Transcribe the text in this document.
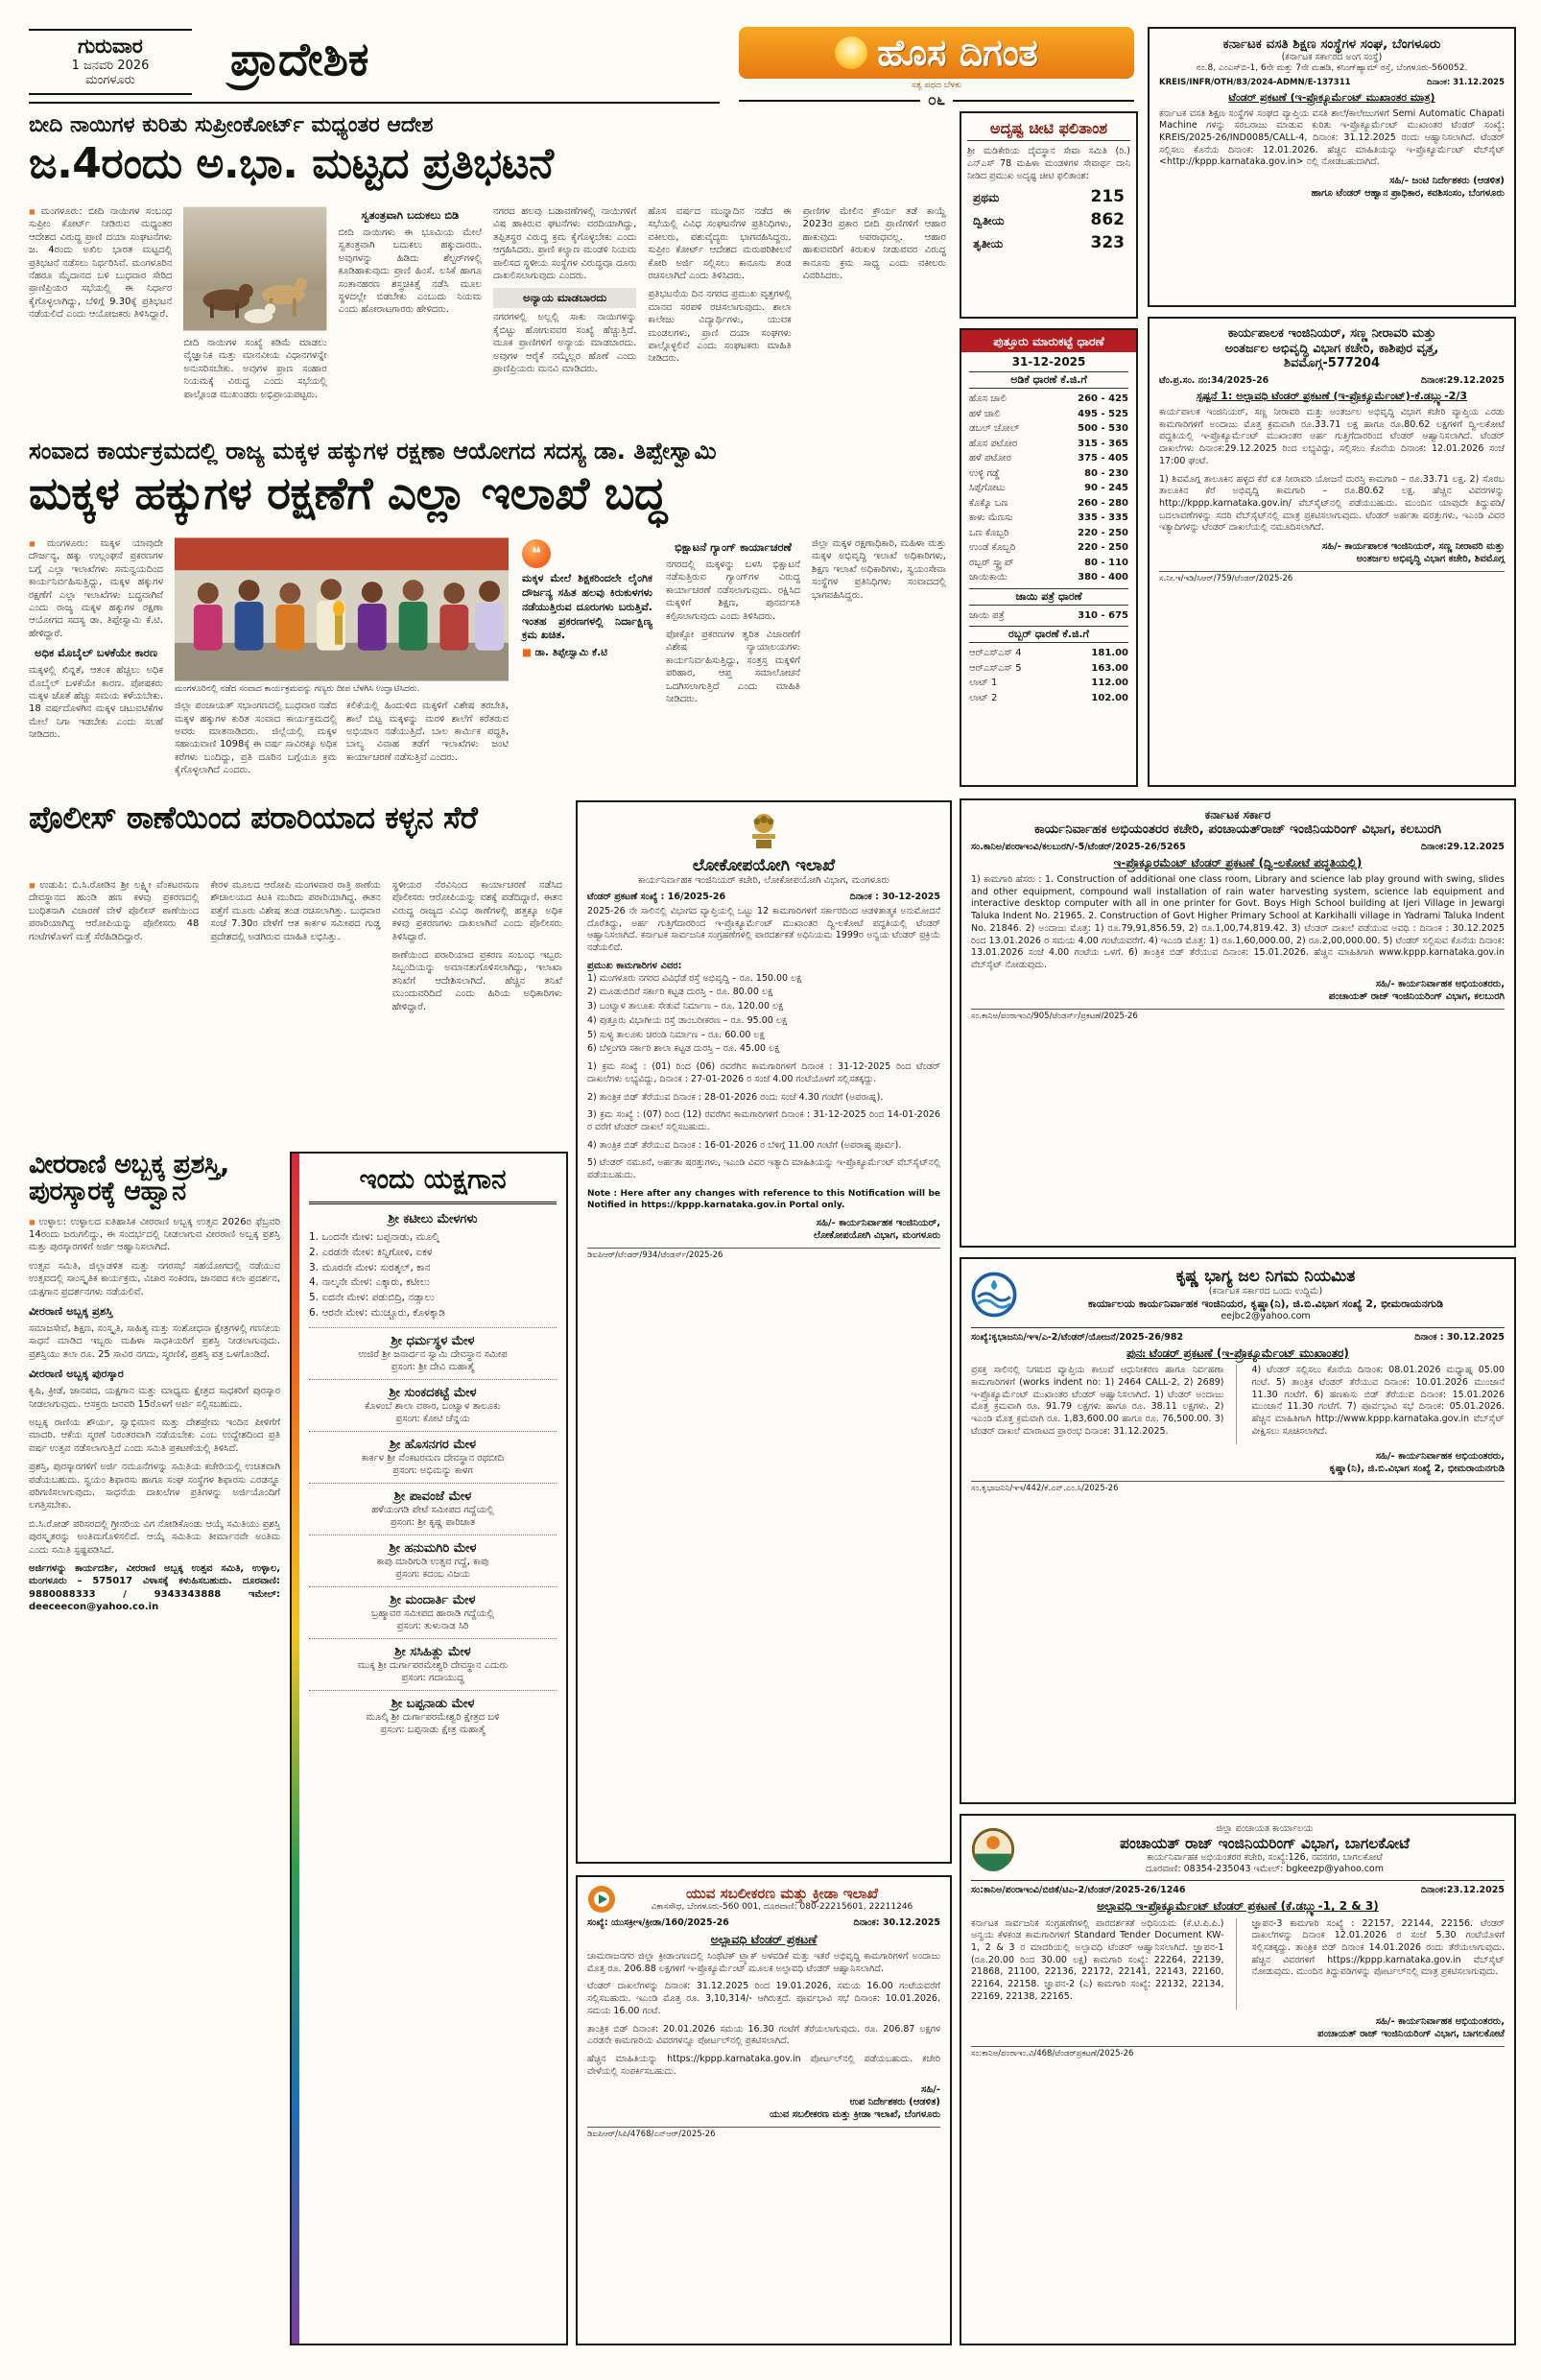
ಗುರುವಾರ
1 ಜನವರಿ 2026
ಮಂಗಳೂರು	ಪ್ರಾದೇಶಿಕ	ಹೊಸ ದಿಗಂತ
ಸತ್ಯ ಪಥದ ಬೆಳಕು
೦೬
ಬೀದಿ ನಾಯಿಗಳ ಕುರಿತು ಸುಪ್ರೀಂಕೋರ್ಟ್ ಮಧ್ಯಂತರ ಆದೇಶ
ಜ.4ರಂದು ಅ.ಭಾ. ಮಟ್ಟದ ಪ್ರತಿಭಟನೆ

◼ ಮಂಗಳೂರು: ಬೀದಿ ನಾಯಿಗಳ ಸಂಬಂಧ ಸುಪ್ರೀಂ ಕೋರ್ಟ್ ನೀಡಿರುವ ಮಧ್ಯಂತರ ಆದೇಶದ ವಿರುದ್ಧ ಪ್ರಾಣಿ ದಯಾ ಸಂಘಟನೆಗಳು ಜ. 4ರಂದು ಅಖಿಲ ಭಾರತ ಮಟ್ಟದಲ್ಲಿ ಪ್ರತಿಭಟನೆ ನಡೆಸಲು ನಿರ್ಧರಿಸಿವೆ. ಮಂಗಳೂರಿನ ನೆಹರೂ ಮೈದಾನದ ಬಳಿ ಬುಧವಾರ ಸೇರಿದ ಪ್ರಾಣಿಪ್ರಿಯರ ಸಭೆಯಲ್ಲಿ ಈ ನಿರ್ಧಾರ ಕೈಗೊಳ್ಳಲಾಗಿದ್ದು, ಬೆಳಿಗ್ಗೆ 9.30ಕ್ಕೆ ಪ್ರತಿಭಟನೆ ನಡೆಯಲಿದೆ ಎಂದು ಆಯೋಜಕರು ತಿಳಿಸಿದ್ದಾರೆ.

ಬೀದಿ ನಾಯಿಗಳ ಸಂಖ್ಯೆ ಕಡಿಮೆ ಮಾಡಲು ವೈಜ್ಞಾನಿಕ ಮತ್ತು ಮಾನವೀಯ ವಿಧಾನಗಳನ್ನೇ ಅನುಸರಿಸಬೇಕು. ಅವುಗಳ ಪ್ರಾಣ ಸಂಹಾರ ನಿಯಮಕ್ಕೆ ವಿರುದ್ಧ ಎಂದು ಸಭೆಯಲ್ಲಿ ಪಾಲ್ಗೊಂಡ ಮುಖಂಡರು ಅಭಿಪ್ರಾಯಪಟ್ಟರು.

ಸ್ವತಂತ್ರವಾಗಿ ಬದುಕಲು ಬಿಡಿ

ಬೀದಿ ನಾಯಿಗಳು ಈ ಭೂಮಿಯ ಮೇಲೆ ಸ್ವತಂತ್ರವಾಗಿ ಬದುಕಲು ಹಕ್ಕುದಾರರು. ಅವುಗಳನ್ನು ಹಿಡಿದು ಶೆಲ್ಟರ್‌ಗಳಲ್ಲಿ ಕೂಡಿಹಾಕುವುದು ಪ್ರಾಣಿ ಹಿಂಸೆ. ಲಸಿಕೆ ಹಾಗೂ ಸಂತಾನಹರಣ ಶಸ್ತ್ರಚಿಕಿತ್ಸೆ ನಡೆಸಿ ಮೂಲ ಸ್ಥಳದಲ್ಲೇ ಬಿಡಬೇಕು ಎಂಬುದು ನಿಯಮ ಎಂದು ಹೋರಾಟಗಾರರು ಹೇಳಿದರು.

ನಗರದ ಹಲವು ಬಡಾವಣೆಗಳಲ್ಲಿ ನಾಯಿಗಳಿಗೆ ವಿಷ ಹಾಕಿರುವ ಘಟನೆಗಳು ವರದಿಯಾಗಿದ್ದು, ತಪ್ಪಿತಸ್ಥರ ವಿರುದ್ಧ ಕ್ರಮ ಕೈಗೊಳ್ಳಬೇಕು ಎಂದು ಆಗ್ರಹಿಸಿದರು. ಪ್ರಾಣಿ ಕಲ್ಯಾಣ ಮಂಡಳಿ ನಿಯಮ ಪಾಲಿಸದ ಸ್ಥಳೀಯ ಸಂಸ್ಥೆಗಳ ವಿರುದ್ಧವೂ ದೂರು ದಾಖಲಿಸಲಾಗುವುದು ಎಂದರು.

ಅನ್ಯಾಯ ಮಾಡಬಾರದು

ನಗರಗಳಲ್ಲಿ ಅಲ್ಲಲ್ಲಿ ಸಾಕು ನಾಯಿಗಳನ್ನು ಕೈಬಿಟ್ಟು ಹೋಗುವವರ ಸಂಖ್ಯೆ ಹೆಚ್ಚುತ್ತಿದೆ. ಮೂಕ ಪ್ರಾಣಿಗಳಿಗೆ ಅನ್ಯಾಯ ಮಾಡಬಾರದು. ಅವುಗಳ ಆರೈಕೆ ನಮ್ಮೆಲ್ಲರ ಹೊಣೆ ಎಂದು ಪ್ರಾಣಿಪ್ರಿಯರು ಮನವಿ ಮಾಡಿದರು.

ಹೊಸ ವರ್ಷದ ಮುನ್ನಾದಿನ ನಡೆದ ಈ ಸಭೆಯಲ್ಲಿ ವಿವಿಧ ಸಂಘಟನೆಗಳ ಪ್ರತಿನಿಧಿಗಳು, ವಕೀಲರು, ಪಶುವೈದ್ಯರು ಭಾಗವಹಿಸಿದ್ದರು. ಸುಪ್ರೀಂ ಕೋರ್ಟ್ ಆದೇಶದ ಮರುಪರಿಶೀಲನೆ ಕೋರಿ ಅರ್ಜಿ ಸಲ್ಲಿಸಲು ಕಾನೂನು ತಂಡ ರಚಿಸಲಾಗಿದೆ ಎಂದು ತಿಳಿಸಿದರು.

ಪ್ರತಿಭಟನೆಯ ದಿನ ನಗರದ ಪ್ರಮುಖ ವೃತ್ತಗಳಲ್ಲಿ ಮಾನವ ಸರಪಳಿ ರಚಿಸಲಾಗುವುದು. ಶಾಲಾ ಕಾಲೇಜು ವಿದ್ಯಾರ್ಥಿಗಳು, ಯುವಕ ಮಂಡಲಗಳು, ಪ್ರಾಣಿ ದಯಾ ಸಂಘಗಳು ಪಾಲ್ಗೊಳ್ಳಲಿವೆ ಎಂದು ಸಂಘಟಕರು ಮಾಹಿತಿ ನೀಡಿದರು.

ಪ್ರಾಣಿಗಳ ಮೇಲಿನ ಕ್ರೌರ್ಯ ತಡೆ ಕಾಯ್ದೆ 2023ರ ಪ್ರಕಾರ ಬೀದಿ ಪ್ರಾಣಿಗಳಿಗೆ ಆಹಾರ ಹಾಕುವುದು ಅಪರಾಧವಲ್ಲ. ಆಹಾರ ಹಾಕುವವರಿಗೆ ಕಿರುಕುಳ ನೀಡುವವರ ವಿರುದ್ಧ ಕಾನೂನು ಕ್ರಮ ಸಾಧ್ಯ ಎಂದು ವಕೀಲರು ವಿವರಿಸಿದರು.

ಸಂವಾದ ಕಾರ್ಯಕ್ರಮದಲ್ಲಿ ರಾಜ್ಯ ಮಕ್ಕಳ ಹಕ್ಕುಗಳ ರಕ್ಷಣಾ ಆಯೋಗದ ಸದಸ್ಯ ಡಾ. ತಿಪ್ಪೇಸ್ವಾಮಿ
ಮಕ್ಕಳ ಹಕ್ಕುಗಳ ರಕ್ಷಣೆಗೆ ಎಲ್ಲಾ ಇಲಾಖೆ ಬದ್ಧ

◼ ಮಂಗಳೂರು: ಮಕ್ಕಳ ಯಾವುದೇ ದೌರ್ಜನ್ಯ, ಹಕ್ಕು ಉಲ್ಲಂಘನೆ ಪ್ರಕರಣಗಳ ಬಗ್ಗೆ ಎಲ್ಲಾ ಇಲಾಖೆಗಳು ಸಮನ್ವಯದಿಂದ ಕಾರ್ಯನಿರ್ವಹಿಸುತ್ತಿದ್ದು, ಮಕ್ಕಳ ಹಕ್ಕುಗಳ ರಕ್ಷಣೆಗೆ ಎಲ್ಲಾ ಇಲಾಖೆಗಳು ಬದ್ಧವಾಗಿವೆ ಎಂದು ರಾಜ್ಯ ಮಕ್ಕಳ ಹಕ್ಕುಗಳ ರಕ್ಷಣಾ ಆಯೋಗದ ಸದಸ್ಯ ಡಾ. ತಿಪ್ಪೇಸ್ವಾಮಿ ಕೆ.ಟಿ. ಹೇಳಿದ್ದಾರೆ.

ಅಧಿಕ ಮೊಬೈಲ್ ಬಳಕೆಯೇ ಕಾರಣ

ಮಕ್ಕಳಲ್ಲಿ ಖಿನ್ನತೆ, ಆತಂಕ ಹೆಚ್ಚಲು ಅಧಿಕ ಮೊಬೈಲ್ ಬಳಕೆಯೇ ಕಾರಣ. ಪೋಷಕರು ಮಕ್ಕಳ ಜೊತೆ ಹೆಚ್ಚು ಸಮಯ ಕಳೆಯಬೇಕು. 18 ವರ್ಷದೊಳಗಿನ ಮಕ್ಕಳ ಚಟುವಟಿಕೆಗಳ ಮೇಲೆ ನಿಗಾ ಇಡಬೇಕು ಎಂದು ಸಲಹೆ ನೀಡಿದರು.

ಮಂಗಳೂರಿನಲ್ಲಿ ನಡೆದ ಸಂವಾದ ಕಾರ್ಯಕ್ರಮವನ್ನು ಗಣ್ಯರು ದೀಪ ಬೆಳಗಿಸಿ ಉದ್ಘಾಟಿಸಿದರು.

ಜಿಲ್ಲಾ ಪಂಚಾಯತ್ ಸಭಾಂಗಣದಲ್ಲಿ ಬುಧವಾರ ನಡೆದ ಮಕ್ಕಳ ಹಕ್ಕುಗಳ ಕುರಿತ ಸಂವಾದ ಕಾರ್ಯಕ್ರಮದಲ್ಲಿ ಅವರು ಮಾತನಾಡಿದರು. ಜಿಲ್ಲೆಯಲ್ಲಿ ಮಕ್ಕಳ ಸಹಾಯವಾಣಿ 1098ಕ್ಕೆ ಈ ವರ್ಷ ಸಾವಿರಕ್ಕೂ ಅಧಿಕ ಕರೆಗಳು ಬಂದಿದ್ದು, ಪ್ರತಿ ದೂರಿನ ಬಗ್ಗೆಯೂ ಕ್ರಮ ಕೈಗೊಳ್ಳಲಾಗಿದೆ ಎಂದರು.

ಕಲಿಕೆಯಲ್ಲಿ ಹಿಂದುಳಿದ ಮಕ್ಕಳಿಗೆ ವಿಶೇಷ ತರಬೇತಿ, ಶಾಲೆ ಬಿಟ್ಟ ಮಕ್ಕಳನ್ನು ಮರಳಿ ಶಾಲೆಗೆ ಕರೆತರುವ ಅಭಿಯಾನ ನಡೆಯುತ್ತಿದೆ. ಬಾಲ ಕಾರ್ಮಿಕ ಪದ್ಧತಿ, ಬಾಲ್ಯ ವಿವಾಹ ತಡೆಗೆ ಇಲಾಖೆಗಳು ಜಂಟಿ ಕಾರ್ಯಾಚರಣೆ ನಡೆಸುತ್ತಿವೆ ಎಂದರು.

❝
ಮಕ್ಕಳ ಮೇಲೆ ಶಿಕ್ಷಕರಿಂದಲೇ ಲೈಂಗಿಕ ದೌರ್ಜನ್ಯ ಸಹಿತ ಹಲವು ಕಿರುಕುಳಗಳು ನಡೆಯುತ್ತಿರುವ ದೂರುಗಳು ಬರುತ್ತಿವೆ. ಇಂತಹ ಪ್ರಕರಣಗಳಲ್ಲಿ ನಿರ್ದಾಕ್ಷಿಣ್ಯ ಕ್ರಮ ಖಚಿತ.
■ ಡಾ. ತಿಪ್ಪೇಸ್ವಾಮಿ ಕೆ.ಟಿ
ಭಿಕ್ಷಾಟನೆ ಗ್ಯಾಂಗ್ ಕಾರ್ಯಾಚರಣೆ

ನಗರದಲ್ಲಿ ಮಕ್ಕಳನ್ನು ಬಳಸಿ ಭಿಕ್ಷಾಟನೆ ನಡೆಸುತ್ತಿರುವ ಗ್ಯಾಂಗ್‌ಗಳ ವಿರುದ್ಧ ಕಾರ್ಯಾಚರಣೆ ನಡೆಸಲಾಗುವುದು. ರಕ್ಷಿಸಿದ ಮಕ್ಕಳಿಗೆ ಶಿಕ್ಷಣ, ಪುನರ್ವಸತಿ ಕಲ್ಪಿಸಲಾಗುವುದು ಎಂದು ತಿಳಿಸಿದರು.

ಪೋಕ್ಸೋ ಪ್ರಕರಣಗಳ ತ್ವರಿತ ವಿಚಾರಣೆಗೆ ವಿಶೇಷ ನ್ಯಾಯಾಲಯಗಳು ಕಾರ್ಯನಿರ್ವಹಿಸುತ್ತಿದ್ದು, ಸಂತ್ರಸ್ತ ಮಕ್ಕಳಿಗೆ ಪರಿಹಾರ, ಆಪ್ತ ಸಮಾಲೋಚನೆ ಒದಗಿಸಲಾಗುತ್ತಿದೆ ಎಂದು ಮಾಹಿತಿ ನೀಡಿದರು.

ಜಿಲ್ಲಾ ಮಕ್ಕಳ ರಕ್ಷಣಾಧಿಕಾರಿ, ಮಹಿಳಾ ಮತ್ತು ಮಕ್ಕಳ ಅಭಿವೃದ್ಧಿ ಇಲಾಖೆ ಅಧಿಕಾರಿಗಳು, ಶಿಕ್ಷಣ ಇಲಾಖೆ ಅಧಿಕಾರಿಗಳು, ಸ್ವಯಂಸೇವಾ ಸಂಸ್ಥೆಗಳ ಪ್ರತಿನಿಧಿಗಳು ಸಂವಾದದಲ್ಲಿ ಭಾಗವಹಿಸಿದ್ದರು.

ಪೊಲೀಸ್ ಠಾಣೆಯಿಂದ ಪರಾರಿಯಾದ ಕಳ್ಳನ ಸೆರೆ

◼ ಉಡುಪಿ: ಬಿ.ಸಿ.ರೋಡಿನ ಶ್ರೀ ಲಕ್ಷ್ಮೀ ವೆಂಕಟರಮಣ ದೇವಸ್ಥಾನದ ಹುಂಡಿ ಹಣ ಕಳವು ಪ್ರಕರಣದಲ್ಲಿ ಬಂಧಿತನಾಗಿ ವಿಚಾರಣೆ ವೇಳೆ ಪೊಲೀಸ್ ಠಾಣೆಯಿಂದ ಪರಾರಿಯಾಗಿದ್ದ ಆರೋಪಿಯನ್ನು ಪೊಲೀಸರು 48 ಗಂಟೆಗಳೊಳಗೆ ಮತ್ತೆ ಸೆರೆಹಿಡಿದಿದ್ದಾರೆ.

ಕೇರಳ ಮೂಲದ ಆರೋಪಿ ಮಂಗಳವಾರ ರಾತ್ರಿ ಠಾಣೆಯ ಶೌಚಾಲಯದ ಕಿಟಕಿ ಮುರಿದು ಪರಾರಿಯಾಗಿದ್ದ. ಈತನ ಪತ್ತೆಗೆ ಮೂರು ವಿಶೇಷ ತಂಡ ರಚಿಸಲಾಗಿತ್ತು. ಬುಧವಾರ ಸಂಜೆ 7.30ರ ವೇಳೆಗೆ ಆತ ಕಾರ್ಕಳ ಸಮೀಪದ ಗುಡ್ಡ ಪ್ರದೇಶದಲ್ಲಿ ಅಡಗಿರುವ ಮಾಹಿತಿ ಲಭಿಸಿತ್ತು.

ಸ್ಥಳೀಯರ ನೆರವಿನಿಂದ ಕಾರ್ಯಾಚರಣೆ ನಡೆಸಿದ ಪೊಲೀಸರು ಆರೋಪಿಯನ್ನು ವಶಕ್ಕೆ ಪಡೆದಿದ್ದಾರೆ. ಈತನ ವಿರುದ್ಧ ರಾಜ್ಯದ ವಿವಿಧ ಠಾಣೆಗಳಲ್ಲಿ ಹತ್ತಕ್ಕೂ ಅಧಿಕ ಕಳವು ಪ್ರಕರಣಗಳು ದಾಖಲಾಗಿವೆ ಎಂದು ಪೊಲೀಸರು ತಿಳಿಸಿದ್ದಾರೆ.

ಠಾಣೆಯಿಂದ ಪರಾರಿಯಾದ ಪ್ರಕರಣ ಸಂಬಂಧ ಇಬ್ಬರು ಸಿಬ್ಬಂದಿಯನ್ನು ಅಮಾನತುಗೊಳಿಸಲಾಗಿದ್ದು, ಇಲಾಖಾ ತನಿಖೆಗೆ ಆದೇಶಿಸಲಾಗಿದೆ. ಹೆಚ್ಚಿನ ತನಿಖೆ ಮುಂದುವರಿದಿದೆ ಎಂದು ಹಿರಿಯ ಅಧಿಕಾರಿಗಳು ಹೇಳಿದ್ದಾರೆ.

ವೀರರಾಣಿ ಅಬ್ಬಕ್ಕ ಪ್ರಶಸ್ತಿ, ಪುರಸ್ಕಾರಕ್ಕೆ ಆಹ್ವಾನ

◼ ಉಳ್ಳಾಲ: ಉಳ್ಳಾಲದ ಐತಿಹಾಸಿಕ ವೀರರಾಣಿ ಅಬ್ಬಕ್ಕ ಉತ್ಸವ 2026ರ ಫೆಬ್ರವರಿ 14ರಂದು ಜರುಗಲಿದ್ದು, ಈ ಸಂದರ್ಭದಲ್ಲಿ ನೀಡಲಾಗುವ ವೀರರಾಣಿ ಅಬ್ಬಕ್ಕ ಪ್ರಶಸ್ತಿ ಮತ್ತು ಪುರಸ್ಕಾರಗಳಿಗೆ ಅರ್ಜಿ ಆಹ್ವಾನಿಸಲಾಗಿದೆ.

ಉತ್ಸವ ಸಮಿತಿ, ಜಿಲ್ಲಾಡಳಿತ ಮತ್ತು ನಗರಸಭೆ ಸಹಯೋಗದಲ್ಲಿ ನಡೆಯುವ ಉತ್ಸವದಲ್ಲಿ ಸಾಂಸ್ಕೃತಿಕ ಕಾರ್ಯಕ್ರಮ, ವಿಚಾರ ಸಂಕಿರಣ, ಜಾನಪದ ಕಲಾ ಪ್ರದರ್ಶನ, ಯಕ್ಷಗಾನ ಪ್ರದರ್ಶನಗಳು ನಡೆಯಲಿವೆ.

ವೀರರಾಣಿ ಅಬ್ಬಕ್ಕ ಪ್ರಶಸ್ತಿ

ಸಮಾಜಸೇವೆ, ಶಿಕ್ಷಣ, ಸಂಸ್ಕೃತಿ, ಸಾಹಿತ್ಯ ಮತ್ತು ಸಂಶೋಧನಾ ಕ್ಷೇತ್ರಗಳಲ್ಲಿ ಗಣನೀಯ ಸಾಧನೆ ಮಾಡಿದ ಇಬ್ಬರು ಮಹಿಳಾ ಸಾಧಕಿಯರಿಗೆ ಪ್ರಶಸ್ತಿ ನೀಡಲಾಗುವುದು. ಪ್ರಶಸ್ತಿಯು ತಲಾ ರೂ. 25 ಸಾವಿರ ನಗದು, ಸ್ಮರಣಿಕೆ, ಪ್ರಶಸ್ತಿ ಪತ್ರ ಒಳಗೊಂಡಿದೆ.

ವೀರರಾಣಿ ಅಬ್ಬಕ್ಕ ಪುರಸ್ಕಾರ

ಕೃಷಿ, ಕ್ರೀಡೆ, ಜಾನಪದ, ಯಕ್ಷಗಾನ ಮತ್ತು ಮಾಧ್ಯಮ ಕ್ಷೇತ್ರದ ಸಾಧಕರಿಗೆ ಪುರಸ್ಕಾರ ನೀಡಲಾಗುವುದು. ಆಸಕ್ತರು ಜನವರಿ 15ರೊಳಗೆ ಅರ್ಜಿ ಸಲ್ಲಿಸಬಹುದು.

ಅಬ್ಬಕ್ಕ ರಾಣಿಯ ಶೌರ್ಯ, ಸ್ವಾಭಿಮಾನ ಮತ್ತು ದೇಶಪ್ರೇಮ ಇಂದಿನ ಪೀಳಿಗೆಗೆ ಮಾದರಿ. ಆಕೆಯ ಸ್ಮರಣೆ ನಿರಂತರವಾಗಿ ನಡೆಯಬೇಕು ಎಂಬ ಉದ್ದೇಶದಿಂದ ಪ್ರತಿ ವರ್ಷ ಉತ್ಸವ ನಡೆಸಲಾಗುತ್ತಿದೆ ಎಂದು ಸಮಿತಿ ಪ್ರಕಟಣೆಯಲ್ಲಿ ತಿಳಿಸಿದೆ.

ಪ್ರಶಸ್ತಿ, ಪುರಸ್ಕಾರಗಳಿಗೆ ಅರ್ಜಿ ನಮೂನೆಗಳನ್ನು ಸಮಿತಿಯ ಕಚೇರಿಯಲ್ಲಿ ಉಚಿತವಾಗಿ ಪಡೆಯಬಹುದು. ಸ್ವಯಂ ಶಿಫಾರಸು ಹಾಗೂ ಸಂಘ ಸಂಸ್ಥೆಗಳ ಶಿಫಾರಸು ಎರಡನ್ನೂ ಪರಿಗಣಿಸಲಾಗುವುದು. ಸಾಧನೆಯ ದಾಖಲೆಗಳ ಪ್ರತಿಗಳನ್ನು ಅರ್ಜಿಯೊಂದಿಗೆ ಲಗತ್ತಿಸಬೇಕು.

ಬಿ.ಸಿ.ರೋಡ್ ಪರಿಸರದಲ್ಲಿ ಗ್ರೀನರಿಯ ವಿಗ ನೋಡಿಕೊಂಡು ಆಯ್ಕೆ ಸಮಿತಿಯು ಪ್ರಶಸ್ತಿ ಪುರಸ್ಕೃತರನ್ನು ಅಂತಿಮಗೊಳಿಸಲಿದೆ. ಆಯ್ಕೆ ಸಮಿತಿಯ ತೀರ್ಮಾನವೇ ಅಂತಿಮ ಎಂದು ಸಮಿತಿ ಸ್ಪಷ್ಟಪಡಿಸಿದೆ.

ಅರ್ಜಿಗಳನ್ನು ಕಾರ್ಯದರ್ಶಿ, ವೀರರಾಣಿ ಅಬ್ಬಕ್ಕ ಉತ್ಸವ ಸಮಿತಿ, ಉಳ್ಳಾಲ, ಮಂಗಳೂರು – 575017 ವಿಳಾಸಕ್ಕೆ ಕಳುಹಿಸಬಹುದು. ದೂರವಾಣಿ: 9880088333 / 9343343888 ಇಮೇಲ್: deeceecon@yahoo.co.in

ಇಂದು ಯಕ್ಷಗಾನ
ಶ್ರೀ ಕಟೀಲು ಮೇಳಗಳು
1. ಒಂದನೇ ಮೇಳ: ಬಪ್ಪನಾಡು, ಮೂಲ್ಕಿ
2. ಎರಡನೇ ಮೇಳ: ಕಿನ್ನಿಗೋಳಿ, ಐಕಳ
3. ಮೂರನೇ ಮೇಳ: ಸುರತ್ಕಲ್, ಕಾನ
4. ನಾಲ್ಕನೇ ಮೇಳ: ಎಕ್ಕಾರು, ಕಟೀಲು
5. ಐದನೇ ಮೇಳ: ಪಡುಬಿದ್ರಿ, ನಡ್ಸಾಲು
6. ಆರನೇ ಮೇಳ: ಮುಚ್ಚೂರು, ಕೊಳಕ್ಕಾಡಿ
ಶ್ರೀ ಧರ್ಮಸ್ಥಳ ಮೇಳ
ಉಜಿರೆ ಶ್ರೀ ಜನಾರ್ದನ ಸ್ವಾಮಿ ದೇವಸ್ಥಾನ ಸಮೀಪ
ಪ್ರಸಂಗ: ಶ್ರೀ ದೇವಿ ಮಹಾತ್ಮೆ
ಶ್ರೀ ಸುಂಕದಕಟ್ಟೆ ಮೇಳ
ಕೊಳಂಬೆ ಶಾಲಾ ವಠಾರ, ಬಂಟ್ವಾಳ ತಾಲೂಕು
ಪ್ರಸಂಗ: ಕೋಟಿ ಚೆನ್ನಯ
ಶ್ರೀ ಹೊಸನಗರ ಮೇಳ
ಕಾರ್ಕಳ ಶ್ರೀ ವೆಂಕಟರಮಣ ದೇವಸ್ಥಾನ ರಥಬೀದಿ
ಪ್ರಸಂಗ: ಅಭಿಮನ್ಯು ಕಾಳಗ
ಶ್ರೀ ಪಾವಂಜೆ ಮೇಳ
ಹಳೆಯಂಗಡಿ ಪೇಟೆ ಸಮೀಪದ ಗದ್ದೆಯಲ್ಲಿ
ಪ್ರಸಂಗ: ಶ್ರೀ ಕೃಷ್ಣ ಪಾರಿಜಾತ
ಶ್ರೀ ಹನುಮಗಿರಿ ಮೇಳ
ಕಾಪು ಮಾರಿಗುಡಿ ಉತ್ಸವ ಗದ್ದೆ, ಕಾಪು
ಪ್ರಸಂಗ: ಕದಂಬ ವಿಜಯ
ಶ್ರೀ ಮಂದಾರ್ತಿ ಮೇಳ
ಬ್ರಹ್ಮಾವರ ಸಮೀಪದ ಹಾರಾಡಿ ಗದ್ದೆಯಲ್ಲಿ
ಪ್ರಸಂಗ: ತುಳುನಾಡ ಸಿರಿ
ಶ್ರೀ ಸಸಿಹಿತ್ಲು ಮೇಳ
ಮುಕ್ಕ ಶ್ರೀ ದುರ್ಗಾಪರಮೇಶ್ವರಿ ದೇವಸ್ಥಾನ ಎದುರು
ಪ್ರಸಂಗ: ಗದಾಯುದ್ಧ
ಶ್ರೀ ಬಪ್ಪನಾಡು ಮೇಳ
ಮೂಲ್ಕಿ ಶ್ರೀ ದುರ್ಗಾಪರಮೇಶ್ವರಿ ಕ್ಷೇತ್ರದ ಬಳಿ
ಪ್ರಸಂಗ: ಬಪ್ಪನಾಡು ಕ್ಷೇತ್ರ ಮಹಾತ್ಮೆ
ಲೋಕೋಪಯೋಗಿ ಇಲಾಖೆ
ಕಾರ್ಯನಿರ್ವಾಹಕ ಇಂಜಿನಿಯರ್ ಕಚೇರಿ, ಲೋಕೋಪಯೋಗಿ ವಿಭಾಗ, ಮಂಗಳೂರು
ಟೆಂಡರ್ ಪ್ರಕಟಣೆ ಸಂಖ್ಯೆ : 16/2025-26	ದಿನಾಂಕ : 30-12-2025

2025-26 ನೇ ಸಾಲಿನಲ್ಲಿ ವಿಭಾಗದ ವ್ಯಾಪ್ತಿಯಲ್ಲಿ ಒಟ್ಟು 12 ಕಾಮಗಾರಿಗಳಿಗೆ ಸರ್ಕಾರದಿಂದ ಆಡಳಿತಾತ್ಮಕ ಅನುಮೋದನೆ ದೊರೆತಿದ್ದು, ಅರ್ಹ ಗುತ್ತಿಗೆದಾರರಿಂದ ಇ-ಪ್ರೊಕ್ಯೂರ್ಮೆಂಟ್ ಮುಖಾಂತರ ದ್ವಿ-ಲಕೋಟೆ ಪದ್ಧತಿಯಲ್ಲಿ ಟೆಂಡರ್ ಆಹ್ವಾನಿಸಲಾಗಿದೆ. ಕರ್ನಾಟಕ ಸಾರ್ವಜನಿಕ ಸಂಗ್ರಹಣೆಗಳಲ್ಲಿ ಪಾರದರ್ಶಕತೆ ಅಧಿನಿಯಮ 1999ರ ಅನ್ವಯ ಟೆಂಡರ್ ಪ್ರಕ್ರಿಯೆ ನಡೆಯಲಿದೆ.

ಪ್ರಮುಖ ಕಾಮಗಾರಿಗಳ ವಿವರ:

1) ಮಂಗಳೂರು ನಗರದ ವಿವಿಧೆಡೆ ರಸ್ತೆ ಅಭಿವೃದ್ಧಿ – ರೂ. 150.00 ಲಕ್ಷ

2) ಮೂಡುಬಿದಿರೆ ಸರ್ಕಾರಿ ಕಟ್ಟಡ ದುರಸ್ತಿ – ರೂ. 80.00 ಲಕ್ಷ

3) ಬಂಟ್ವಾಳ ತಾಲೂಕು ಸೇತುವೆ ನಿರ್ಮಾಣ – ರೂ. 120.00 ಲಕ್ಷ

4) ಪುತ್ತೂರು ವಿಭಾಗೀಯ ರಸ್ತೆ ಡಾಂಬರೀಕರಣ – ರೂ. 95.00 ಲಕ್ಷ

5) ಸುಳ್ಯ ತಾಲೂಕು ಚರಂಡಿ ನಿರ್ಮಾಣ – ರೂ. 60.00 ಲಕ್ಷ

6) ಬೆಳ್ತಂಗಡಿ ಸರ್ಕಾರಿ ಶಾಲಾ ಕಟ್ಟಡ ದುರಸ್ತಿ – ರೂ. 45.00 ಲಕ್ಷ

1) ಕ್ರಮ ಸಂಖ್ಯೆ : (01) ರಿಂದ (06) ರವರೆಗಿನ ಕಾಮಗಾರಿಗಳಿಗೆ ದಿನಾಂಕ : 31-12-2025 ರಿಂದ ಟೆಂಡರ್ ದಾಖಲೆಗಳು ಲಭ್ಯವಿದ್ದು, ದಿನಾಂಕ : 27-01-2026 ರ ಸಂಜೆ 4.00 ಗಂಟೆಯೊಳಗೆ ಸಲ್ಲಿಸತಕ್ಕದ್ದು.

2) ತಾಂತ್ರಿಕ ಬಿಡ್ ತೆರೆಯುವ ದಿನಾಂಕ : 28-01-2026 ರಂದು ಸಂಜೆ 4.30 ಗಂಟೆಗೆ (ಅಪರಾಹ್ನ).

3) ಕ್ರಮ ಸಂಖ್ಯೆ : (07) ರಿಂದ (12) ರವರೆಗಿನ ಕಾಮಗಾರಿಗಳಿಗೆ ದಿನಾಂಕ : 31-12-2025 ರಿಂದ 14-01-2026 ರ ವರೆಗೆ ಟೆಂಡರ್ ದಾಖಲೆ ಸಲ್ಲಿಸಬಹುದು.

4) ತಾಂತ್ರಿಕ ಬಿಡ್ ತೆರೆಯುವ ದಿನಾಂಕ : 16-01-2026 ರ ಬೆಳಿಗ್ಗೆ 11.00 ಗಂಟೆಗೆ (ಅಪರಾಹ್ನ ಪೂರ್ವ).

5) ಟೆಂಡರ್ ನಮೂನೆ, ಅರ್ಹತಾ ಷರತ್ತುಗಳು, ಇಎಂಡಿ ವಿವರ ಇತ್ಯಾದಿ ಮಾಹಿತಿಯನ್ನು ಇ-ಪ್ರೊಕ್ಯೂರ್ಮೆಂಟ್ ವೆಬ್‌ಸೈಟ್‌ನಲ್ಲಿ ಪಡೆಯಬಹುದು.

Note : Here after any changes with reference to this Notification will be Notified in https://kppp.karnataka.gov.in Portal only.

ಸಹಿ/- ಕಾರ್ಯನಿರ್ವಾಹಕ ಇಂಜಿನಿಯರ್,
ಲೋಕೋಪಯೋಗಿ ವಿಭಾಗ, ಮಂಗಳೂರು
ಡಿಐಪಿಆರ್/ಟೆಂಡರ್/934/ಟೆಂಡರ್ಸ್/2025-26
ಯುವ ಸಬಲೀಕರಣ ಮತ್ತು ಕ್ರೀಡಾ ಇಲಾಖೆ
ವಿಕಾಸಸೌಧ, ಬೆಂಗಳೂರು-560 001, ದೂರವಾಣಿ: 080-22215601, 22211246
ಸಂಖ್ಯೆ: ಯುಸಕ್ರೀಇ/ಕ್ರೀಡಾ/160/2025-26	ದಿನಾಂಕ: 30.12.2025
ಅಲ್ಪಾವಧಿ ಟೆಂಡರ್ ಪ್ರಕಟಣೆ

ಚಾಮರಾಜನಗರ ಜಿಲ್ಲಾ ಕ್ರೀಡಾಂಗಣದಲ್ಲಿ ಸಿಂಥೆಟಿಕ್ ಟ್ರ್ಯಾಕ್ ಅಳವಡಿಕೆ ಮತ್ತು ಇತರೆ ಅಭಿವೃದ್ಧಿ ಕಾಮಗಾರಿಗಳಿಗೆ ಅಂದಾಜು ಮೊತ್ತ ರೂ. 206.88 ಲಕ್ಷಗಳಿಗೆ ಇ-ಪ್ರೊಕ್ಯೂರ್ಮೆಂಟ್ ಮೂಲಕ ಅಲ್ಪಾವಧಿ ಟೆಂಡರ್ ಆಹ್ವಾನಿಸಲಾಗಿದೆ.

ಟೆಂಡರ್ ದಾಖಲೆಗಳನ್ನು ದಿನಾಂಕ: 31.12.2025 ರಿಂದ 19.01.2026, ಸಮಯ 16.00 ಗಂಟೆಯವರೆಗೆ ಸಲ್ಲಿಸಬಹುದು. ಇಎಂಡಿ ಮೊತ್ತ ರೂ. 3,10,314/- ಆಗಿರುತ್ತದೆ. ಪೂರ್ವಭಾವಿ ಸಭೆ ದಿನಾಂಕ: 10.01.2026, ಸಮಯ 16.00 ಗಂಟೆ.

ತಾಂತ್ರಿಕ ಬಿಡ್ ದಿನಾಂಕ: 20.01.2026 ಸಮಯ 16.30 ಗಂಟೆಗೆ ತೆರೆಯಲಾಗುವುದು. ರೂ. 206.87 ಲಕ್ಷಗಳ ಎರಡನೇ ಕಾಮಗಾರಿಯ ವಿವರಗಳನ್ನೂ ಪೋರ್ಟಲ್‌ನಲ್ಲಿ ಪ್ರಕಟಿಸಲಾಗಿದೆ.

ಹೆಚ್ಚಿನ ಮಾಹಿತಿಯನ್ನು https://kppp.karnataka.gov.in ಪೋರ್ಟಲ್‌ನಲ್ಲಿ ಪಡೆಯಬಹುದು. ಕಚೇರಿ ವೇಳೆಯಲ್ಲಿ ಸಂಪರ್ಕಿಸಬಹುದು.

ಸಹಿ/-
ಉಪ ನಿರ್ದೇಶಕರು (ಆಡಳಿತ)
ಯುವ ಸಬಲೀಕರಣ ಮತ್ತು ಕ್ರೀಡಾ ಇಲಾಖೆ, ಬೆಂಗಳೂರು
ಡಿಐಪಿಆರ್/ಸಿಪಿ/4768/ಎನ್‌ಆರ್/2025-26
ಅದೃಷ್ಟ ಚೀಟಿ ಫಲಿತಾಂಶ

ಶ್ರೀ ಮಡಿಕೇರಿಯ ದೈವಸ್ಥಾನ ಸೇವಾ ಸಮಿತಿ (ರಿ.) ಎನ್‌ಎಸ್ 78 ಮಹಿಳಾ ಮಂಡಳಿಗಳ ಸೇವಾರ್ಥ ದಾನಿ ನೀಡಿದ ಪ್ರಮುಖ ಅದೃಷ್ಟ ಚೀಟಿ ಫಲಿತಾಂಶ:

ಪ್ರಥಮ	215
ದ್ವಿತೀಯ	862
ತೃತೀಯ	323
ಪುತ್ತೂರು ಮಾರುಕಟ್ಟೆ ಧಾರಣೆ
31-12-2025
ಅಡಿಕೆ ಧಾರಣೆ ಕೆ.ಜಿ.ಗೆ
ಹೊಸ ಚಾಲಿ	260 - 425
ಹಳೆ ಚಾಲಿ	495 - 525
ಡಬಲ್ ಚೋಲ್	500 - 530
ಹೊಸ ಪಟೋರ	315 - 365
ಹಳೆ ಪಟೋರ	375 - 405
ಉಳ್ಳಿ ಗಡ್ಡೆ	80 - 230
ಸಿಪ್ಪೆಗೋಟು	90 - 245
ಕೊಕ್ಕೊ ಒಣ	260 - 280
ಕಾಳು ಮೆಣಸು	335 - 335
ಒಣ ಕೊಬ್ಬರಿ	220 - 250
ಉಂಡೆ ಕೊಬ್ಬರಿ	220 - 250
ರಬ್ಬರ್ ಸ್ಕ್ರ್ಯಾಪ್	80 - 110
ಜಾಯಿಕಾಯಿ	380 - 400
ಜಾಯಿ ಪತ್ರೆ ಧಾರಣೆ
ಜಾಯಿ ಪತ್ರೆ	310 - 675
ರಬ್ಬರ್ ಧಾರಣೆ ಕೆ.ಜಿ.ಗೆ
ಆರ್‌ಎಸ್‌ಎಸ್ 4	181.00
ಆರ್‌ಎಸ್‌ಎಸ್ 5	163.00
ಲಾಟ್ 1	112.00
ಲಾಟ್ 2	102.00
ಕರ್ನಾಟಕ ವಸತಿ ಶಿಕ್ಷಣ ಸಂಸ್ಥೆಗಳ ಸಂಘ, ಬೆಂಗಳೂರು
(ಕರ್ನಾಟಕ ಸರ್ಕಾರದ ಅಂಗ ಸಂಸ್ಥೆ)
ನಂ.8, ಎಂಎಸ್‌ಬಿ-1, 6ನೇ ಮತ್ತು 7ನೇ ಮಹಡಿ, ಕನಿಂಗ್‌ಹ್ಯಾಮ್ ರಸ್ತೆ, ಬೆಂಗಳೂರು-560052.
KREIS/INFR/OTH/83/2024-ADMN/E-137311	ದಿನಾಂಕ: 31.12.2025
ಟೆಂಡರ್ ಪ್ರಕಟಣೆ (ಇ-ಪ್ರೊಕ್ಯೂರ್ಮೆಂಟ್ ಮುಖಾಂತರ ಮಾತ್ರ)

ಕರ್ನಾಟಕ ವಸತಿ ಶಿಕ್ಷಣ ಸಂಸ್ಥೆಗಳ ಸಂಘದ ವ್ಯಾಪ್ತಿಯ ವಸತಿ ಶಾಲೆ/ಕಾಲೇಜುಗಳಿಗೆ Semi Automatic Chapati Machine ಗಳನ್ನು ಸರಬರಾಜು ಮಾಡುವ ಕುರಿತು ಇ-ಪ್ರೊಕ್ಯೂರ್ಮೆಂಟ್ ಮುಖಾಂತರ ಟೆಂಡರ್ ಸಂಖ್ಯೆ: KREIS/2025-26/IND0085/CALL-4, ದಿನಾಂಕ: 31.12.2025 ರಂದು ಆಹ್ವಾನಿಸಲಾಗಿದೆ. ಟೆಂಡರ್ ಸಲ್ಲಿಸಲು ಕೊನೆಯ ದಿನಾಂಕ: 12.01.2026. ಹೆಚ್ಚಿನ ಮಾಹಿತಿಯನ್ನು ಇ-ಪ್ರೊಕ್ಯೂರ್ಮೆಂಟ್ ವೆಬ್‌ಸೈಟ್ <http://kppp.karnataka.gov.in> ನಲ್ಲಿ ನೋಡಬಹುದಾಗಿದೆ.

ಸಹಿ/- ಜಂಟಿ ನಿರ್ದೇಶಕರು (ಆಡಳಿತ)
ಹಾಗೂ ಟೆಂಡರ್ ಆಹ್ವಾನ ಪ್ರಾಧಿಕಾರ, ಕವಶಿಸಂಸಂ, ಬೆಂಗಳೂರು
ಕಾರ್ಯಪಾಲಕ ಇಂಜಿನಿಯರ್, ಸಣ್ಣ ನೀರಾವರಿ ಮತ್ತು
ಅಂತರ್ಜಲ ಅಭಿವೃದ್ಧಿ ವಿಭಾಗ ಕಚೇರಿ, ಕಾಶಿಪುರ ವೃತ್ತ,
ಶಿವಮೊಗ್ಗ-577204
ಟೆಂ.ಪ್ರ.ಸಂ. ನಂ:34/2025-26	ದಿನಾಂಕ:29.12.2025
ಸ್ಪಷ್ಟನೆ 1: ಅಲ್ಪಾವಧಿ ಟೆಂಡರ್ ಪ್ರಕಟಣೆ (ಇ-ಪ್ರೊಕ್ಯೂರ್ಮೆಂಟ್)-ಕೆ.ಡಬ್ಲ್ಯು-2/3

ಕಾರ್ಯಪಾಲಕ ಇಂಜಿನಿಯರ್, ಸಣ್ಣ ನೀರಾವರಿ ಮತ್ತು ಅಂತರ್ಜಲ ಅಭಿವೃದ್ಧಿ ವಿಭಾಗ ಕಚೇರಿ ವ್ಯಾಪ್ತಿಯ ಎರಡು ಕಾಮಗಾರಿಗಳಿಗೆ ಅಂದಾಜು ಮೊತ್ತ ಕ್ರಮವಾಗಿ ರೂ.33.71 ಲಕ್ಷ ಹಾಗೂ ರೂ.80.62 ಲಕ್ಷಗಳಿಗೆ ದ್ವಿ-ಲಕೋಟೆ ಪದ್ಧತಿಯಲ್ಲಿ ಇ-ಪ್ರೊಕ್ಯೂರ್ಮೆಂಟ್ ಮುಖಾಂತರ ಅರ್ಹ ಗುತ್ತಿಗೆದಾರರಿಂದ ಟೆಂಡರ್ ಆಹ್ವಾನಿಸಲಾಗಿದೆ. ಟೆಂಡರ್ ದಾಖಲೆಗಳು ದಿನಾಂಕ:29.12.2025 ರಿಂದ ಲಭ್ಯವಿದ್ದು, ಸಲ್ಲಿಸಲು ಕೊನೆಯ ದಿನಾಂಕ: 12.01.2026 ಸಂಜೆ 17:00 ಘಂಟೆ.

1) ಶಿವಮೊಗ್ಗ ತಾಲೂಕಿನ ಹಳ್ಳದ ಕೆರೆ ಏತ ನೀರಾವರಿ ಯೋಜನೆ ದುರಸ್ತಿ ಕಾಮಗಾರಿ – ರೂ.33.71 ಲಕ್ಷ. 2) ಸೊರಬ ತಾಲೂಕಿನ ಕೆರೆ ಅಭಿವೃದ್ಧಿ ಕಾಮಗಾರಿ – ರೂ.80.62 ಲಕ್ಷ. ಹೆಚ್ಚಿನ ವಿವರಗಳನ್ನು http://kppp.karnataka.gov.in/ ವೆಬ್‌ಸೈಟ್‌ನಲ್ಲಿ ಪಡೆಯಬಹುದು. ಮುಂದಿನ ಯಾವುದೇ ತಿದ್ದುಪಡಿ/ಬದಲಾವಣೆಗಳನ್ನು ಸದರಿ ವೆಬ್‌ಸೈಟ್‌ನಲ್ಲಿ ಮಾತ್ರ ಪ್ರಕಟಿಸಲಾಗುವುದು. ಟೆಂಡರ್ ಅರ್ಹತಾ ಷರತ್ತುಗಳು, ಇಎಂಡಿ ವಿವರ ಇತ್ಯಾದಿಗಳನ್ನು ಟೆಂಡರ್ ದಾಖಲೆಯಲ್ಲಿ ನಮೂದಿಸಲಾಗಿದೆ.

ಸಹಿ/- ಕಾರ್ಯಪಾಲಕ ಇಂಜಿನಿಯರ್, ಸಣ್ಣ ನೀರಾವರಿ ಮತ್ತು
ಅಂತರ್ಜಲ ಅಭಿವೃದ್ಧಿ ವಿಭಾಗ ಕಚೇರಿ, ಶಿವಮೊಗ್ಗ
ಸ.ನೀ.ಇ/ಇಡಿ/ಸಿಆರ್/759/ಟೆಂಡರ್/2025-26
ಕರ್ನಾಟಕ ಸರ್ಕಾರ
ಕಾರ್ಯನಿರ್ವಾಹಕ ಅಭಿಯಂತರರ ಕಚೇರಿ, ಪಂಚಾಯತ್‌ರಾಜ್ ಇಂಜಿನಿಯರಿಂಗ್ ವಿಭಾಗ, ಕಲಬುರಗಿ
ಸಂ.ಕಾನಿಅ/ಪಂರಾಇಂವಿ/ಕಲಬುರಗಿ/-5/ಟೆಂಡರ್/2025-26/5265	ದಿನಾಂಕ:29.12.2025
ಇ-ಪ್ರೊಕ್ಯೂರಮೆಂಟ್ ಟೆಂಡರ್ ಪ್ರಕಟಣೆ (ದ್ವಿ-ಲಕೋಟೆ ಪದ್ಧತಿಯಲ್ಲಿ)

1) ಕಾಮಗಾರಿ ಹೆಸರು : 1. Construction of additional one class room, Library and science lab play ground with swing, slides and other equipment, compound wall installation of rain water harvesting system, science lab equipment and interactive desktop computer with all in one printer for Govt. Boys High School building at Ijeri Village in Jewargi Taluka Indent No. 21965. 2. Construction of Govt Higher Primary School at Karkihalli village in Yadrami Taluka Indent No. 21846. 2) ಅಂದಾಜು ಮೊತ್ತ: 1) ರೂ.79,91,856.59, 2) ರೂ.1,00,74,819.42. 3) ಟೆಂಡರ್ ದಾಖಲೆ ಪಡೆಯುವ ಅವಧಿ : ದಿನಾಂಕ : 30.12.2025 ರಿಂದ 13.01.2026 ರ ಸಮಯ 4.00 ಗಂಟೆಯವರೆಗೆ. 4) ಇಎಂಡಿ ಮೊತ್ತ: 1) ರೂ.1,60,000.00, 2) ರೂ.2,00,000.00. 5) ಟೆಂಡರ್ ಸಲ್ಲಿಸುವ ಕೊನೆಯ ದಿನಾಂಕ: 13.01.2026 ಸಂಜೆ 4.00 ಗಂಟೆಯ ಒಳಗೆ. 6) ತಾಂತ್ರಿಕ ಬಿಡ್ ತೆರೆಯುವ ದಿನಾಂಕ: 15.01.2026. ಹೆಚ್ಚಿನ ಮಾಹಿತಿಗಾಗಿ www.kppp.karnataka.gov.in ವೆಬ್‌ಸೈಟ್ ನೋಡುವುದು.

ಸಹಿ/- ಕಾರ್ಯನಿರ್ವಾಹಕ ಅಭಿಯಂತರರು,
ಪಂಚಾಯತ್ ರಾಜ್ ಇಂಜಿನಿಯರಿಂಗ್ ವಿಭಾಗ, ಕಲಬುರಗಿ
ಸಂ.ಕಾನಿಅ/ಪಂರಾಇಂವಿ/905/ಟೆಂಡರ್ಸ್/ಪ್ರಕಟಣೆ/2025-26
ಕೃಷ್ಣ ಭಾಗ್ಯ ಜಲ ನಿಗಮ ನಿಯಮಿತ
(ಕರ್ನಾಟಕ ಸರ್ಕಾರದ ಒಂದು ಉದ್ದಿಮೆ)
ಕಾರ್ಯಾಲಯ ಕಾರ್ಯನಿರ್ವಾಹಕ ಇಂಜಿನಿಯರ, ಕೃಷ್ಣಾ(ನಿ), ಜಿ.ಬಿ.ವಿಭಾಗ ಸಂಖ್ಯೆ 2, ಭೀಮರಾಯನಗುಡಿ
eejbc2@yahoo.com
ಸಂಖ್ಯೆ:ಕೃಭಾಜನಿನಿ/ಇಇ/ಎ-2/ಟೆಂಡರ್/ಯೋಜನೆ/2025-26/982	ದಿನಾಂಕ : 30.12.2025
ಪುನಃ ಟೆಂಡರ್ ಪ್ರಕಟಣೆ (ಇ-ಪ್ರೊಕ್ಯೂರ್ಮೆಂಟ್ ಮುಖಾಂತರ)

ಪ್ರಸಕ್ತ ಸಾಲಿನಲ್ಲಿ ನಿಗಮದ ವ್ಯಾಪ್ತಿಯ ಕಾಲುವೆ ಆಧುನೀಕರಣ ಹಾಗೂ ನಿರ್ವಹಣಾ ಕಾಮಗಾರಿಗಳಿಗೆ (works indent no: 1) 2464 CALL-2, 2) 2689) ಇ-ಪ್ರೊಕ್ಯೂರ್ಮೆಂಟ್ ಮುಖಾಂತರ ಟೆಂಡರ್ ಆಹ್ವಾನಿಸಲಾಗಿದೆ. 1) ಟೆಂಡರ್ ಅಂದಾಜು ಮೊತ್ತ ಕ್ರಮವಾಗಿ ರೂ. 91.79 ಲಕ್ಷಗಳು ಹಾಗೂ ರೂ. 38.11 ಲಕ್ಷಗಳು. 2) ಇಎಂಡಿ ಮೊತ್ತ ಕ್ರಮವಾಗಿ ರೂ. 1,83,600.00 ಹಾಗೂ ರೂ. 76,500.00. 3) ಟೆಂಡರ್ ದಾಖಲೆ ಮಾರಾಟದ ಪ್ರಾರಂಭ ದಿನಾಂಕ: 31.12.2025.

4) ಟೆಂಡರ್ ಸಲ್ಲಿಸಲು ಕೊನೆಯ ದಿನಾಂಕ: 08.01.2026 ಮಧ್ಯಾಹ್ನ 05.00 ಗಂಟೆ. 5) ತಾಂತ್ರಿಕ ಟೆಂಡರ್ ತೆರೆಯುವ ದಿನಾಂಕ: 10.01.2026 ಮುಂಜಾನೆ 11.30 ಗಂಟೆಗೆ. 6) ಹಣಕಾಸು ಬಿಡ್ ತೆರೆಯುವ ದಿನಾಂಕ: 15.01.2026 ಮುಂಜಾನೆ 11.30 ಗಂಟೆಗೆ. 7) ಪೂರ್ವಭಾವಿ ಸಭೆ ದಿನಾಂಕ: 05.01.2026. ಹೆಚ್ಚಿನ ಮಾಹಿತಿಗಾಗಿ http://www.kppp.karnataka.gov.in ವೆಬ್‌ಸೈಟ್ ವೀಕ್ಷಿಸಲು ಸೂಚಿಸಲಾಗಿದೆ.

ಸಹಿ/- ಕಾರ್ಯನಿರ್ವಾಹಕ ಅಭಿಯಂತರರು,
ಕೃಷ್ಣಾ(ನಿ), ಜಿ.ಬಿ.ವಿಭಾಗ ಸಂಖ್ಯೆ 2, ಭೀಮರಾಯನಗುಡಿ
ಸಂ.ಕೃಭಾಜನಿನಿ/ಇಇ/442/ಕೆ.ಎನ್.ಎಂ.ಸಿ/2025-26
ಜಿಲ್ಲಾ ಪಂಚಾಯತ ಕಾರ್ಯಾಲಯ
ಪಂಚಾಯತ್ ರಾಜ್ ಇಂಜಿನಿಯರಿಂಗ್ ವಿಭಾಗ, ಬಾಗಲಕೋಟೆ
ಕಾರ್ಯನಿರ್ವಾಹಕ ಅಭಿಯಂತರರ ಕಚೇರಿ, ಸಂಖ್ಯೆ:126, ನವನಗರ, ಬಾಗಲಕೋಟೆ
ದೂರವಾಣಿ: 08354-235043 ಇಮೇಲ್: bgkeezp@yahoo.com
ಸಂ:ಕಾನಿಅ/ಪಂರಾಇಂವಿ/ಬಿಜಿಕೆ/ಟಿಎ-2/ಟೆಂಡರ್/2025-26/1246	ದಿನಾಂಕ:23.12.2025
ಅಲ್ಪಾವಧಿ ಇ-ಪ್ರೊಕ್ಯೂರ್ಮೆಂಟ್ ಟೆಂಡರ್ ಪ್ರಕಟಣೆ (ಕೆ.ಡಬ್ಲ್ಯು-1, 2 & 3)

ಕರ್ನಾಟಕ ಸಾರ್ವಜನಿಕ ಸಂಗ್ರಹಣೆಗಳಲ್ಲಿ ಪಾರದರ್ಶಕತೆ ಅಧಿನಿಯಮ (ಕೆ.ಟಿ.ಪಿ.ಪಿ.) ಅನ್ವಯ ಕೆಳಕಂಡ ಕಾಮಗಾರಿಗಳಿಗೆ Standard Tender Document KW-1, 2 & 3 ರ ಮಾದರಿಯಲ್ಲಿ ಅಲ್ಪಾವಧಿ ಟೆಂಡರ್ ಆಹ್ವಾನಿಸಲಾಗಿದೆ. ಜ್ಞಾಪನ-1 (ರೂ.20.00 ರಿಂದ 30.00 ಲಕ್ಷ) ಕಾಮಗಾರಿ ಸಂಖ್ಯೆ: 22264, 22139, 21868, 21100, 22136, 22172, 22141, 22143, 22160, 22164, 22158. ಜ್ಞಾಪನ-2 (ಎ) ಕಾಮಗಾರಿ ಸಂಖ್ಯೆ: 22132, 22134, 22169, 22138, 22165.

ಜ್ಞಾಪನ-3 ಕಾಮಗಾರಿ ಸಂಖ್ಯೆ : 22157, 22144, 22156. ಟೆಂಡರ್ ದಾಖಲೆಗಳನ್ನು ದಿನಾಂಕ 12.01.2026 ರ ಸಂಜೆ 5.30 ಗಂಟೆಯೊಳಗೆ ಸಲ್ಲಿಸತಕ್ಕದ್ದು. ತಾಂತ್ರಿಕ ಬಿಡ್ ದಿನಾಂಕ 14.01.2026 ರಂದು ತೆರೆಯಲಾಗುವುದು. ಹೆಚ್ಚಿನ ವಿವರಗಳಿಗೆ https://kppp.karnataka.gov.in ವೆಬ್‌ಸೈಟ್ ನೋಡುವುದು. ಮುಂದಿನ ತಿದ್ದುಪಡಿಗಳನ್ನು ಪೋರ್ಟಲ್‌ನಲ್ಲಿ ಮಾತ್ರ ಪ್ರಕಟಿಸಲಾಗುವುದು.

ಸಹಿ/- ಕಾರ್ಯನಿರ್ವಾಹಕ ಅಭಿಯಂತರರು,
ಪಂಚಾಯತ್ ರಾಜ್ ಇಂಜಿನಿಯರಿಂಗ್ ವಿಭಾಗ, ಬಾಗಲಕೋಟೆ
ಸಂ:ಕಾನಿಅ/ಪಂರಾಇಂ.ವಿ/468/ಟೆಂಡರ್‌ಪ್ರಕಟಣೆ/2025-26
